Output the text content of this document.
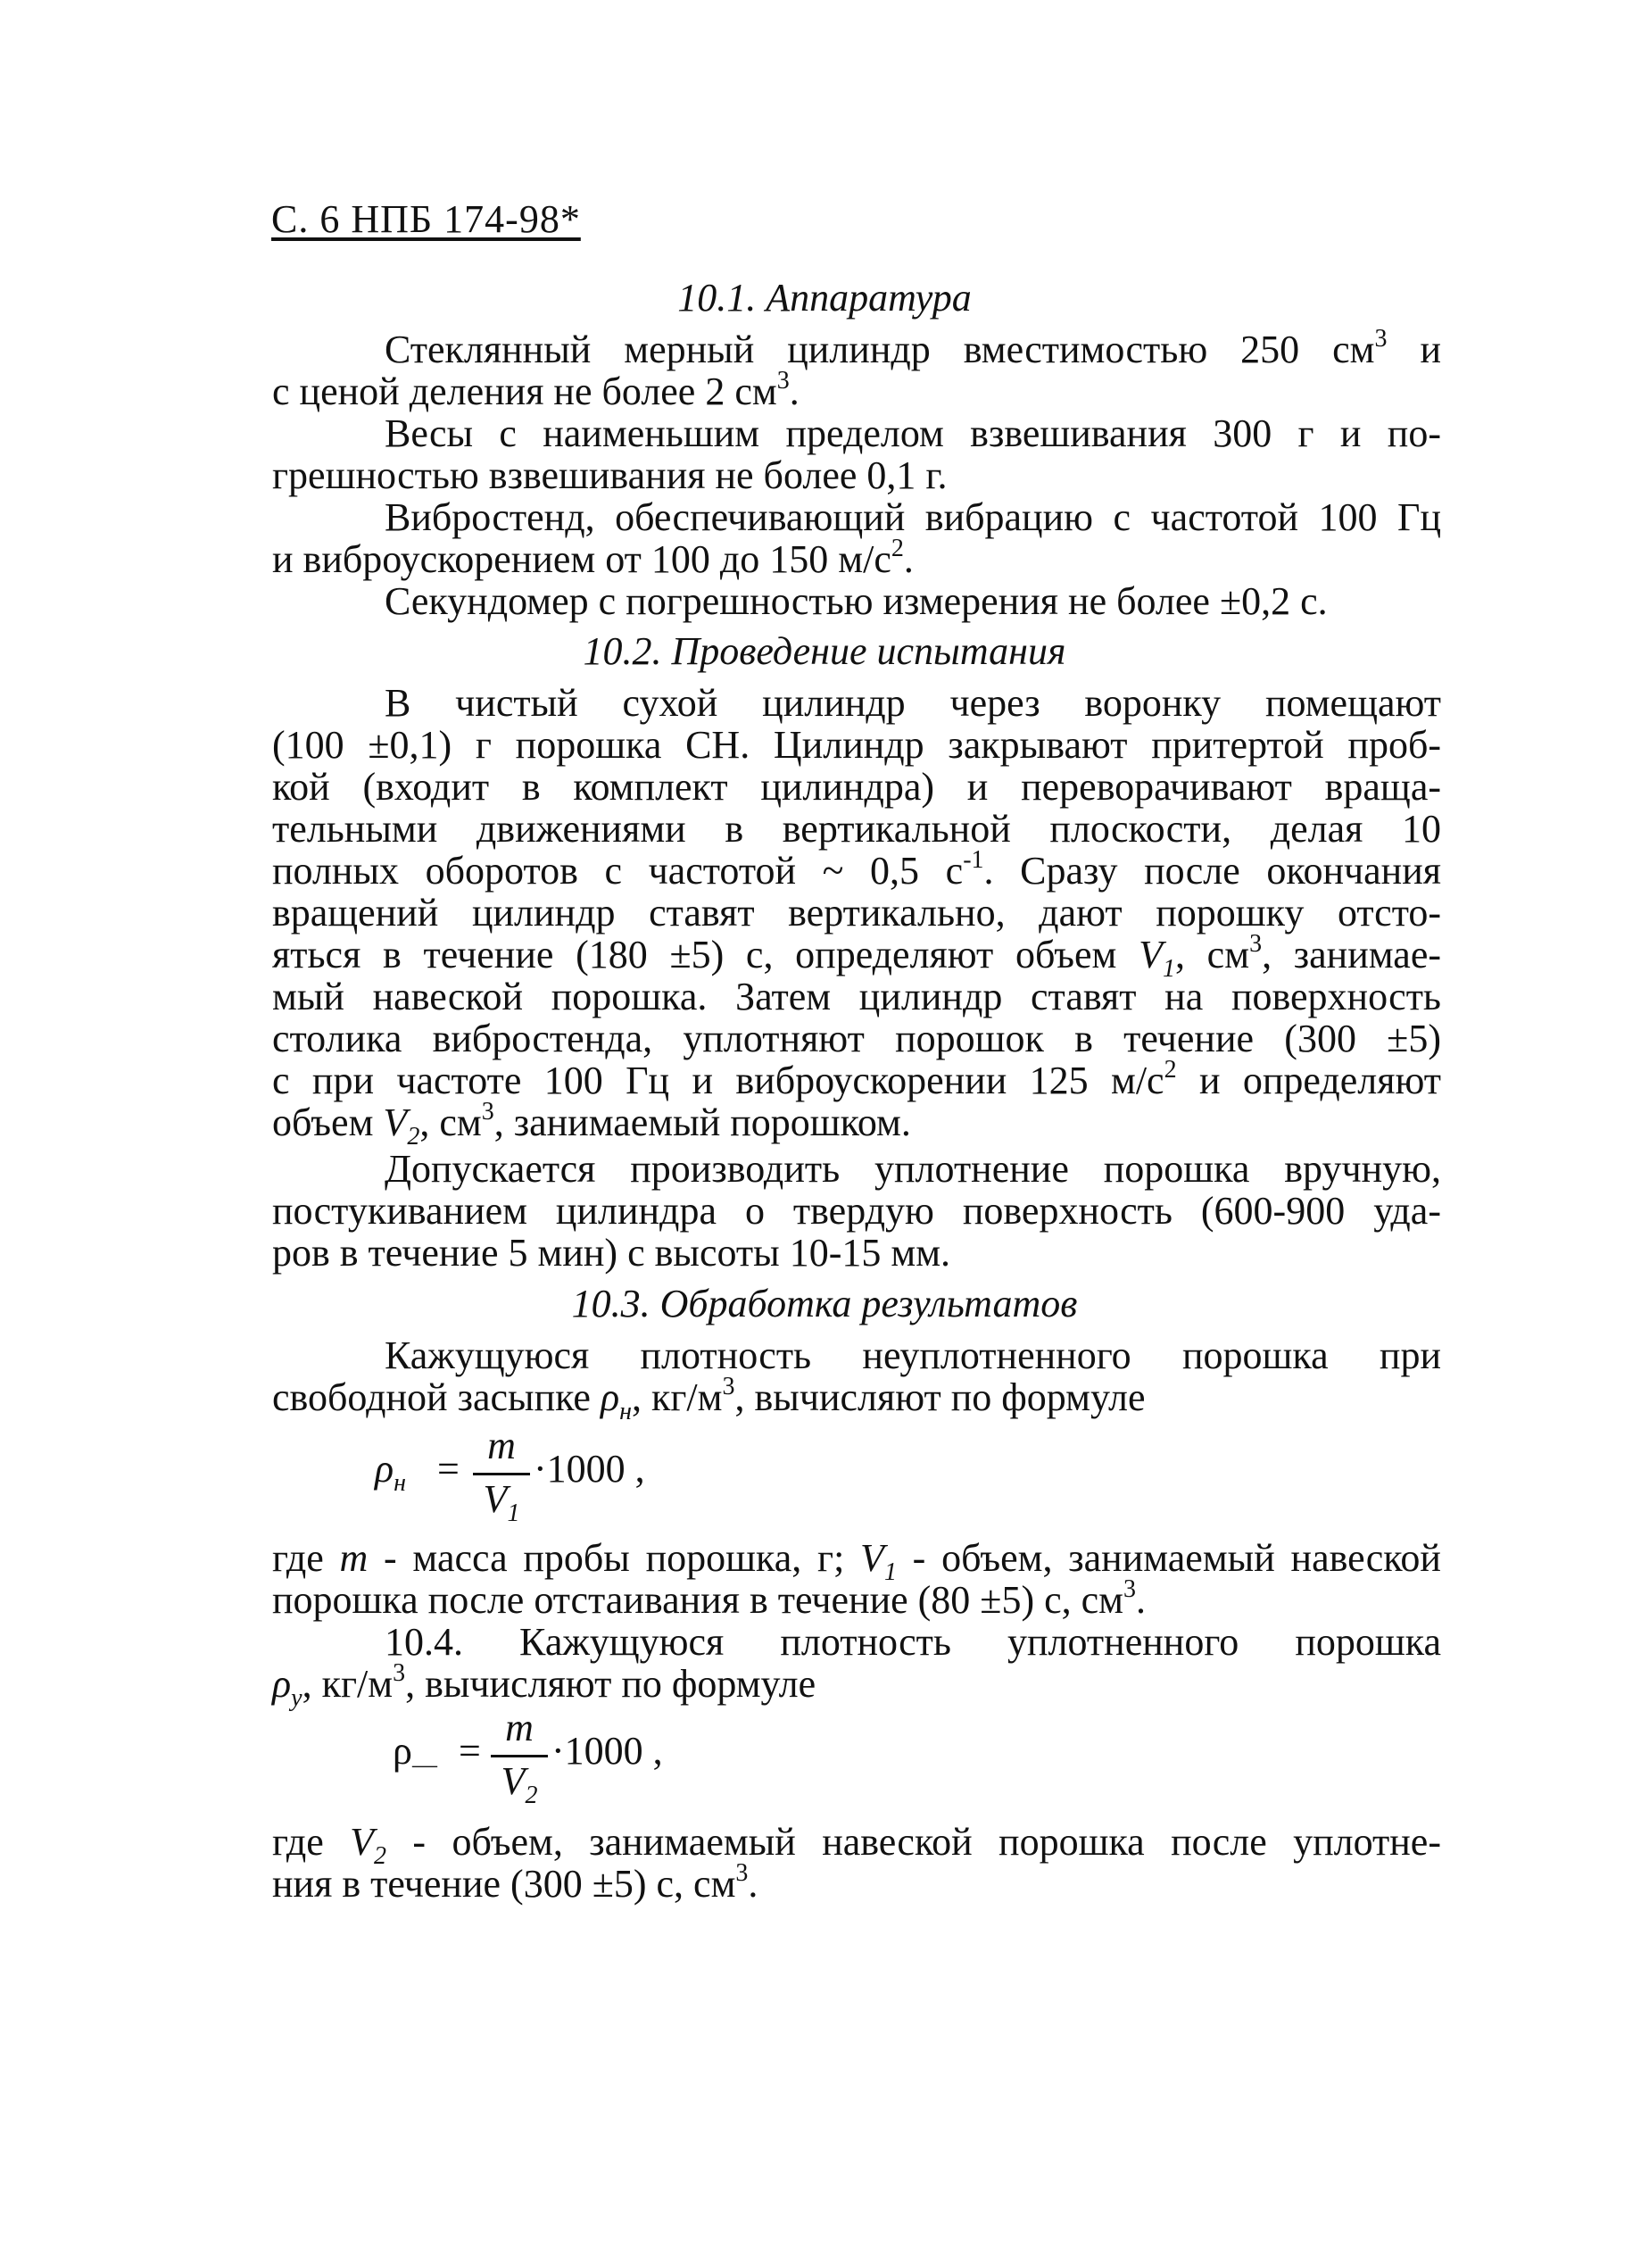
С. 6 НПБ 174-98*
10.1. Аппаратура
Стеклянный мерный цилиндр вместимостью 250 $см^3$ и
с ценой деления не более 2 $см^3$.
Весы с наименьшим пределом взвешивания 300 г и по-
грешностью взвешивания не более 0,1 г.
Вибростенд, обеспечивающий вибрацию с частотой 100 Гц
и виброускорением от 100 до 150 $м/с^2$.
Секундомер с погрешностью измерения не более ±0,2 с.
10.2. Проведение испытания
В чистый сухой цилиндр через воронку помещают
(100 ±0,1) г порошка СН. Цилиндр закрывают притертой проб-
кой (входит в комплект цилиндра) и переворачивают враща-
тельными движениями в вертикальной плоскости, делая 10
полных оборотов с частотой ~ 0,5 $с^{-1}$. Сразу после окончания
вращений цилиндр ставят вертикально, дают порошку отсто-
яться в течение (180 ±5) с, определяют объем $V_1$, $см^3$, занимае-
мый навеской порошка. Затем цилиндр ставят на поверхность
столика вибростенда, уплотняют порошок в течение (300 ±5)
с при частоте 100 Гц и виброускорении 125 $м/с^2$ и определяют
объем $V_2$, $см^3$, занимаемый порошком.
Допускается производить уплотнение порошка вручную,
постукиванием цилиндра о твердую поверхность (600-900 уда-
ров в течение 5 мин) с высоты 10-15 мм.
10.3. Обработка результатов
Кажущуюся плотность неуплотненного порошка при
свободной засыпке $\rho_н$, $кг/м^3$, вычисляют по формуле
$\rho_н$ =
m
$V_1$
·1000 ,
где m - масса пробы порошка, г; $V_1$ - объем, занимаемый навеской
порошка после отстаивания в течение (80 ±5) с, $см^3$.
10.4. Кажущуюся плотность уплотненного порошка
$\rho_у$, $кг/м^3$, вычисляют по формуле
$\rho_—$ =
m
$V_2$
·1000 ,
где $V_2$ - объем, занимаемый навеской порошка после уплотне-
ния в течение (300 ±5) с, $см^3$.
